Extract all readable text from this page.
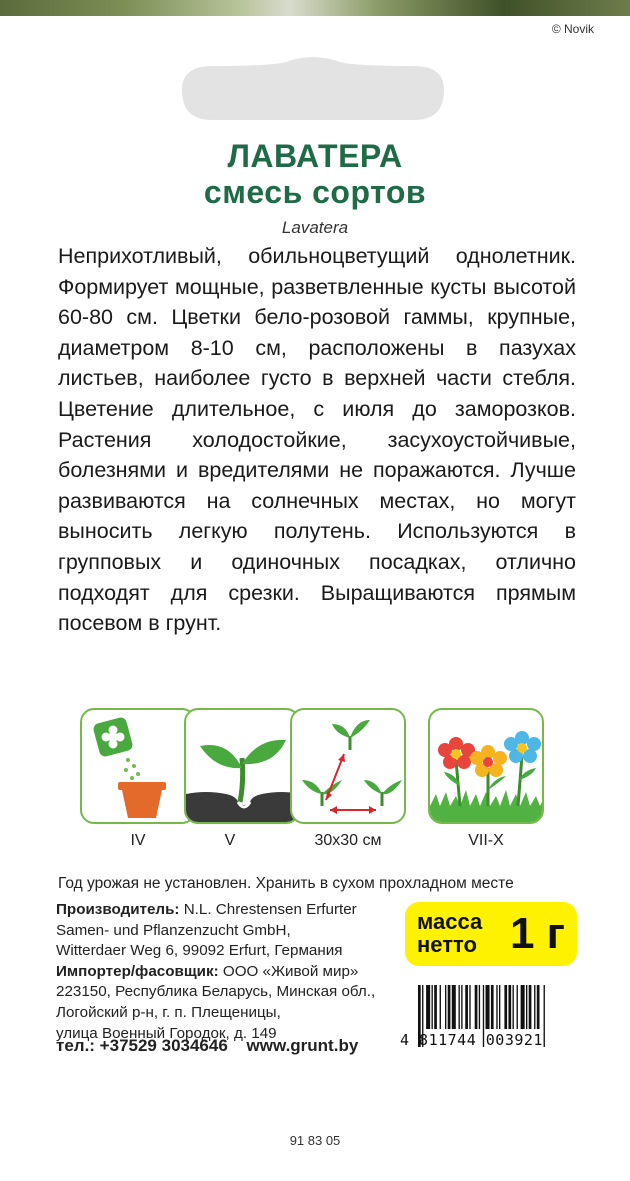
© Novik
ЛАВАТЕРА
смесь сортов
Lavatera
Неприхотливый, обильноцветущий однолетник. Формирует мощные, разветвленные кусты высотой 60-80 см. Цветки бело-розовой гаммы, крупные, диаметром 8-10 см, расположены в пазухах листьев, наиболее густо в верхней части стебля. Цветение длительное, с июля до заморозков. Растения холодостойкие, засухоустойчивые, болезнями и вредителями не поражаются. Лучше развиваются на солнечных местах, но могут выносить легкую полутень. Используются в групповых и одиночных посадках, отлично подходят для срезки. Выращиваются прямым посевом в грунт.
IV	V	30x30 см	VII-X
Год урожая не установлен. Хранить в сухом прохладном месте
Производитель: N.L. Chrestensen Erfurter
Samen- und Pflanzenzucht GmbH,
Witterdaer Weg 6, 99092 Erfurt, Германия
Импортер/фасовщик: ООО «Живой мир»
223150, Республика Беларусь, Минская обл.,
Логойский р-н, г. п. Плещеницы,
улица Военный Городок, д. 149
тел.: +37529 3034646 www.grunt.by
масса
нетто 1 г
4 811744 003921
91 83 05
